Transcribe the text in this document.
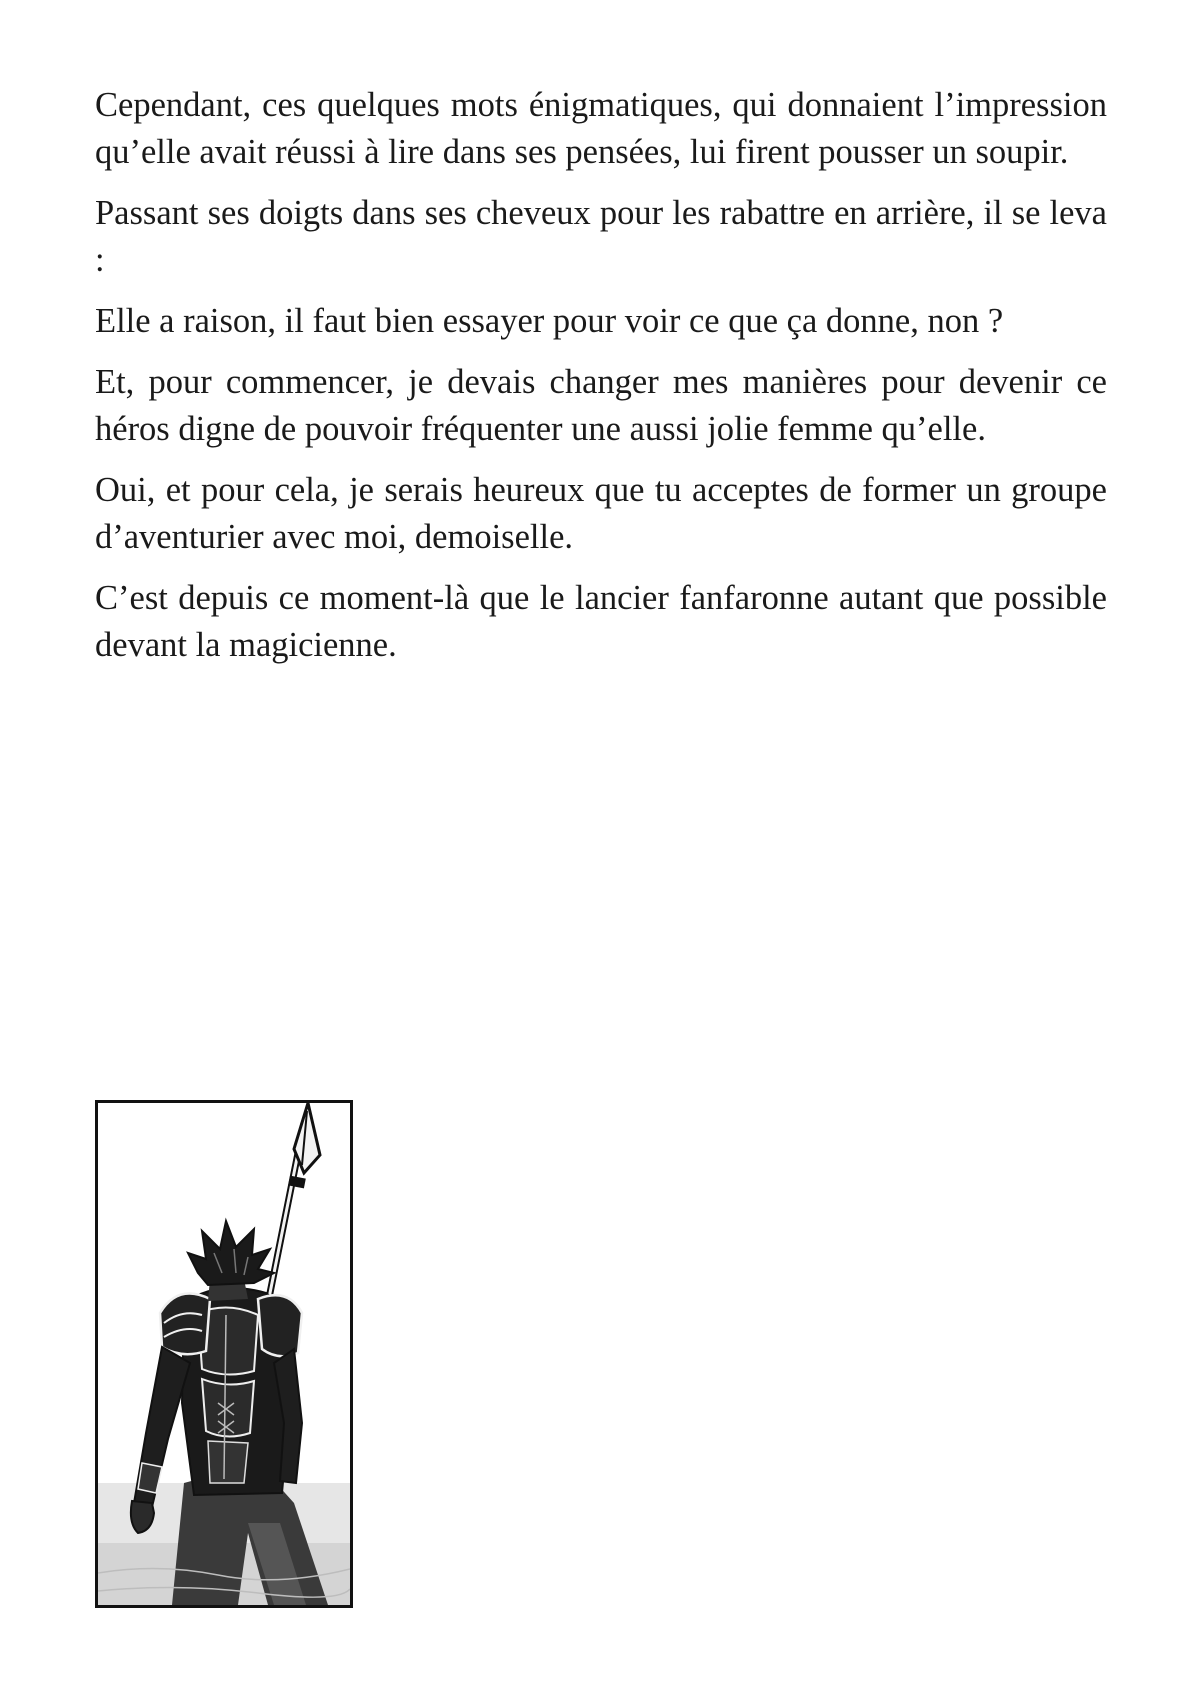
Cependant, ces quelques mots énigmatiques, qui donnaient l’impression qu’elle avait réussi à lire dans ses pensées, lui firent pousser un soupir.

Passant ses doigts dans ses cheveux pour les rabattre en arrière, il se leva :

Elle a raison, il faut bien essayer pour voir ce que ça donne, non ?

Et, pour commencer, je devais changer mes manières pour devenir ce héros digne de pouvoir fréquenter une aussi jolie femme qu’elle.

Oui, et pour cela, je serais heureux que tu acceptes de former un groupe d’aventurier avec moi, demoiselle.

C’est depuis ce moment-là que le lancier fanfaronne autant que possible devant la magicienne.
